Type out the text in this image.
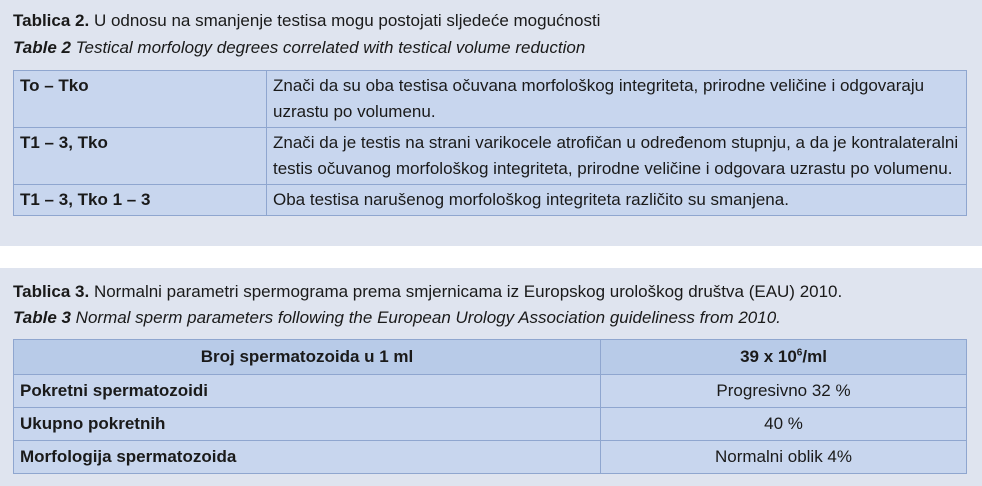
Tablica 2. U odnosu na smanjenje testisa mogu postojati sljedeće mogućnosti
Table 2 Testical morfology degrees correlated with testical volume reduction
To – Tko	Znači da su oba testisa očuvana morfološkog integriteta, prirodne veličine i odgovaraju uzrastu po volumenu.
T1 – 3, Tko	Znači da je testis na strani varikocele atrofičan u određenom stupnju, a da je kontralateralni testis očuvanog morfološkog integriteta, prirodne veličine i odgovara uzrastu po volumenu.
T1 – 3, Tko 1 – 3	Oba testisa narušenog morfološkog integriteta različito su smanjena.
Tablica 3. Normalni parametri spermograma prema smjernicama iz Europskog urološkog društva (EAU) 2010.
Table 3 Normal sperm parameters following the European Urology Association guideliness from 2010.
Broj spermatozoida u 1 ml	39 x $10^6/ml$
Pokretni spermatozoidi	Progresivno 32 %
Ukupno pokretnih	40 %
Morfologija spermatozoida	Normalni oblik 4%
